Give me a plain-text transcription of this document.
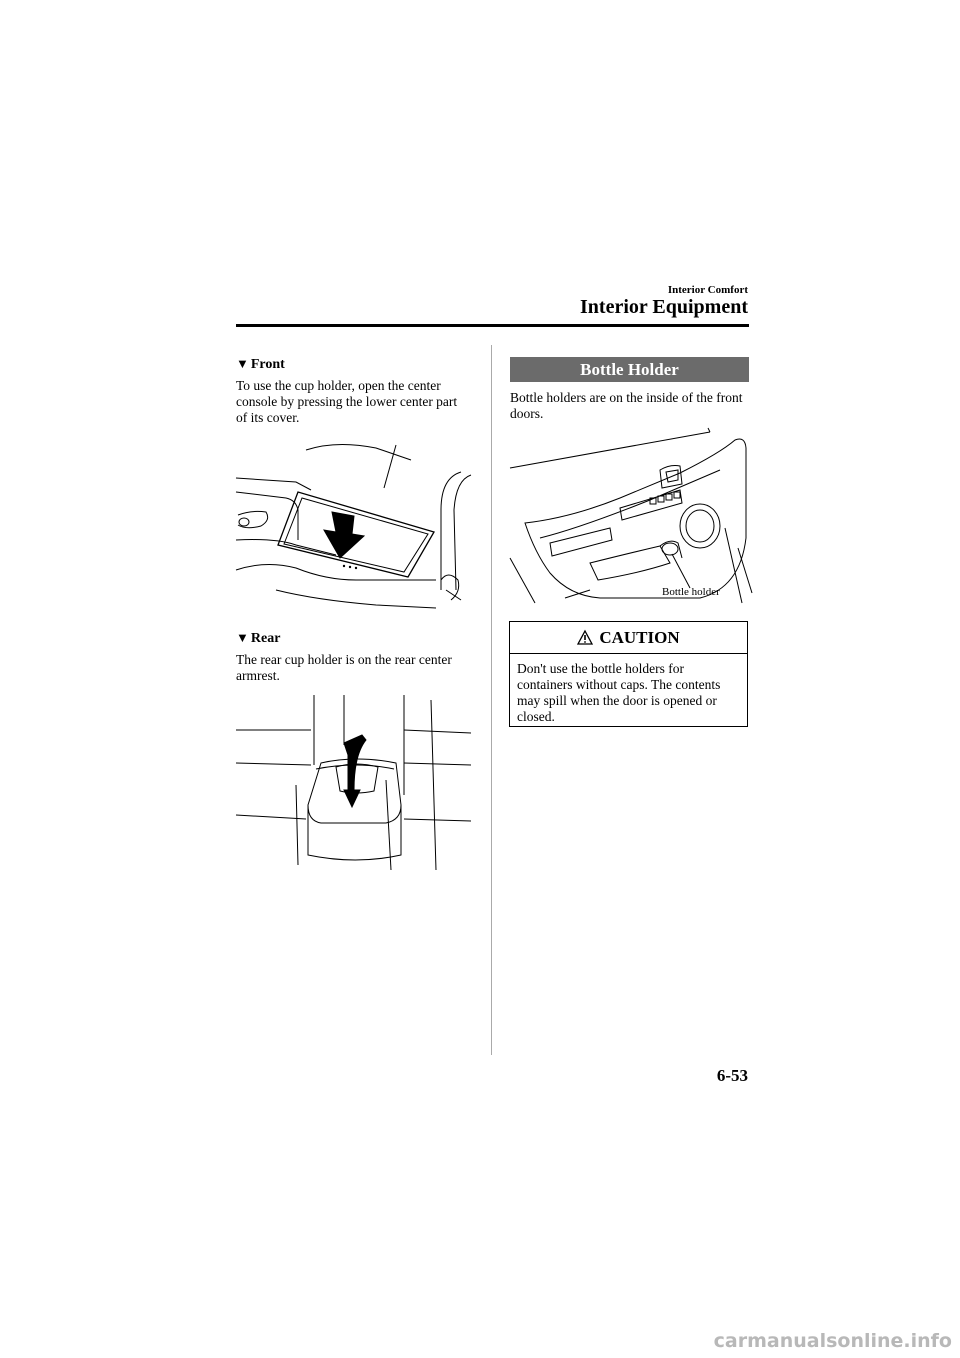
Interior Comfort
Interior Equipment
▼ Front
To use the cup holder, open the center console by pressing the lower center part of its cover.
▼ Rear
The rear cup holder is on the rear center armrest.
Bottle Holder
Bottle holders are on the inside of the front doors.
Bottle holder
CAUTION
Don't use the bottle holders for containers without caps. The contents may spill when the door is opened or closed.
6-53
carmanualsonline.info
